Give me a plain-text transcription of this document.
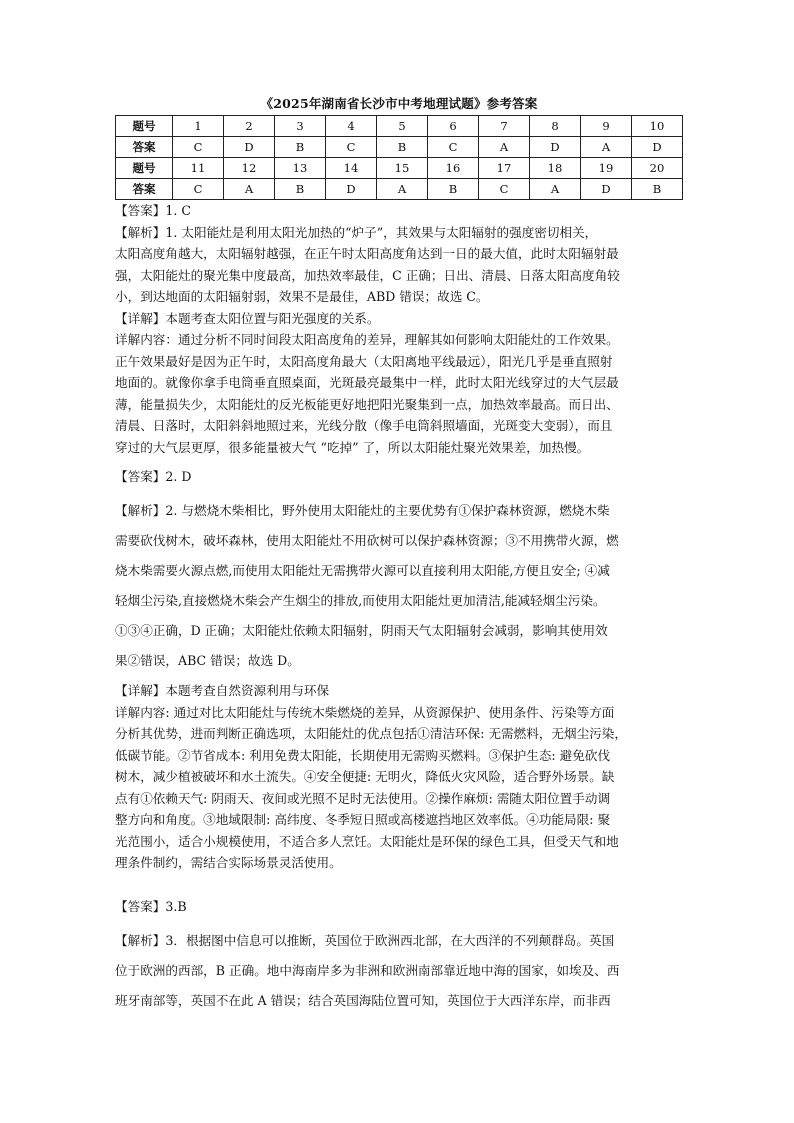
《2025年湖南省长沙市中考地理试题》参考答案
题号	1	2	3	4	5	6	7	8	9	10
答案	C	D	B	C	B	C	A	D	A	D
题号	11	12	13	14	15	16	17	18	19	20
答案	C	A	B	D	A	B	C	A	D	B

【答案】1. C

【解析】1. 太阳能灶是利用太阳光加热的“炉子”，其效果与太阳辐射的强度密切相关，

太阳高度角越大，太阳辐射越强，在正午时太阳高度角达到一日的最大值，此时太阳辐射最

强，太阳能灶的聚光集中度最高，加热效率最佳，C 正确；日出、清晨、日落太阳高度角较

小，到达地面的太阳辐射弱，效果不是最佳，ABD 错误；故选 C。

【详解】本题考查太阳位置与阳光强度的关系。

详解内容：通过分析不同时间段太阳高度角的差异，理解其如何影响太阳能灶的工作效果。

正午效果最好是因为正午时，太阳高度角最大（太阳离地平线最远），阳光几乎是垂直照射

地面的。就像你拿手电筒垂直照桌面，光斑最亮最集中一样，此时太阳光线穿过的大气层最

薄，能量损失少，太阳能灶的反光板能更好地把阳光聚集到一点，加热效率最高。而日出、

清晨、日落时，太阳斜斜地照过来，光线分散（像手电筒斜照墙面，光斑变大变弱），而且

穿过的大气层更厚，很多能量被大气 “吃掉” 了，所以太阳能灶聚光效果差，加热慢。

【答案】2. D

【解析】2. 与燃烧木柴相比，野外使用太阳能灶的主要优势有①保护森林资源，燃烧木柴

需要砍伐树木，破坏森林，使用太阳能灶不用砍树可以保护森林资源；③不用携带火源，燃

烧木柴需要火源点燃,而使用太阳能灶无需携带火源可以直接利用太阳能,方便且安全; ④减

轻烟尘污染,直接燃烧木柴会产生烟尘的排放,而使用太阳能灶更加清洁,能减轻烟尘污染。

①③④正确，D 正确；太阳能灶依赖太阳辐射，阴雨天气太阳辐射会减弱，影响其使用效

果②错误，ABC 错误；故选 D。

【详解】本题考查自然资源利用与环保

详解内容: 通过对比太阳能灶与传统木柴燃烧的差异，从资源保护、使用条件、污染等方面

分析其优势，进而判断正确选项，太阳能灶的优点包括①清洁环保: 无需燃料，无烟尘污染，

低碳节能。②节省成本: 利用免费太阳能，长期使用无需购买燃料。③保护生态: 避免砍伐

树木，减少植被破坏和水土流失。④安全便捷: 无明火，降低火灾风险，适合野外场景。缺

点有①依赖天气: 阴雨天、夜间或光照不足时无法使用。②操作麻烦: 需随太阳位置手动调

整方向和角度。③地域限制: 高纬度、冬季短日照或高楼遮挡地区效率低。④功能局限: 聚

光范围小，适合小规模使用，不适合多人烹饪。太阳能灶是环保的绿色工具，但受天气和地

理条件制约，需结合实际场景灵活使用。

【答案】3.B

【解析】3．根据图中信息可以推断，英国位于欧洲西北部，在大西洋的不列颠群岛。英国

位于欧洲的西部，B 正确。地中海南岸多为非洲和欧洲南部靠近地中海的国家，如埃及、西

班牙南部等，英国不在此 A 错误；结合英国海陆位置可知，英国位于大西洋东岸，而非西
